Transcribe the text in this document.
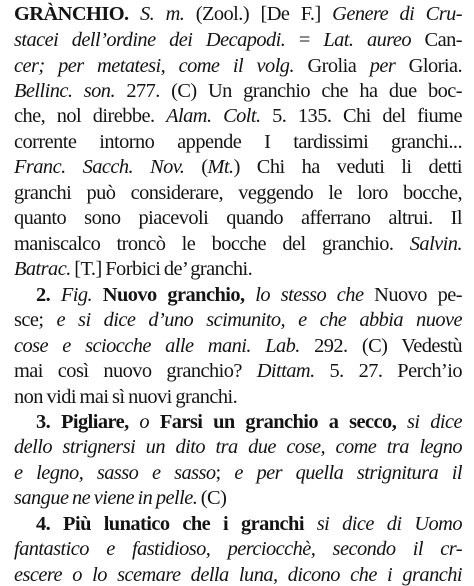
GRÀNCHIO. S. m. (Zool.) [De F.] Genere di Cru-
stacei dell’ordine dei Decapodi. = Lat. aureo Can-
cer; per metatesi, come il volg. Grolia per Gloria.
Bellinc. son. 277. (C) Un granchio che ha due boc-
che, nol direbbe. Alam. Colt. 5. 135. Chi del fiume
corrente intorno appende I tardissimi granchi...
Franc. Sacch. Nov. (Mt.) Chi ha veduti li detti
granchi può considerare, veggendo le loro bocche,
quanto sono piacevoli quando afferrano altrui. Il
maniscalco troncò le bocche del granchio. Salvin.
Batrac. [T.] Forbici de’ granchi.
2. Fig. Nuovo granchio, lo stesso che Nuovo pe-
sce; e si dice d’uno scimunito, e che abbia nuove
cose e sciocche alle mani. Lab. 292. (C) Vedestù
mai così nuovo granchio? Dittam. 5. 27. Perch’io
non vidi mai sì nuovi granchi.
3. Pigliare, o Farsi un granchio a secco, si dice
dello strignersi un dito tra due cose, come tra legno
e legno, sasso e sasso; e per quella strignitura il
sangue ne viene in pelle. (C)
4. Più lunatico che i granchi si dice di Uomo
fantastico e fastidioso, perciocchè, secondo il cr-
escere o lo scemare della luna, dicono che i granchi
